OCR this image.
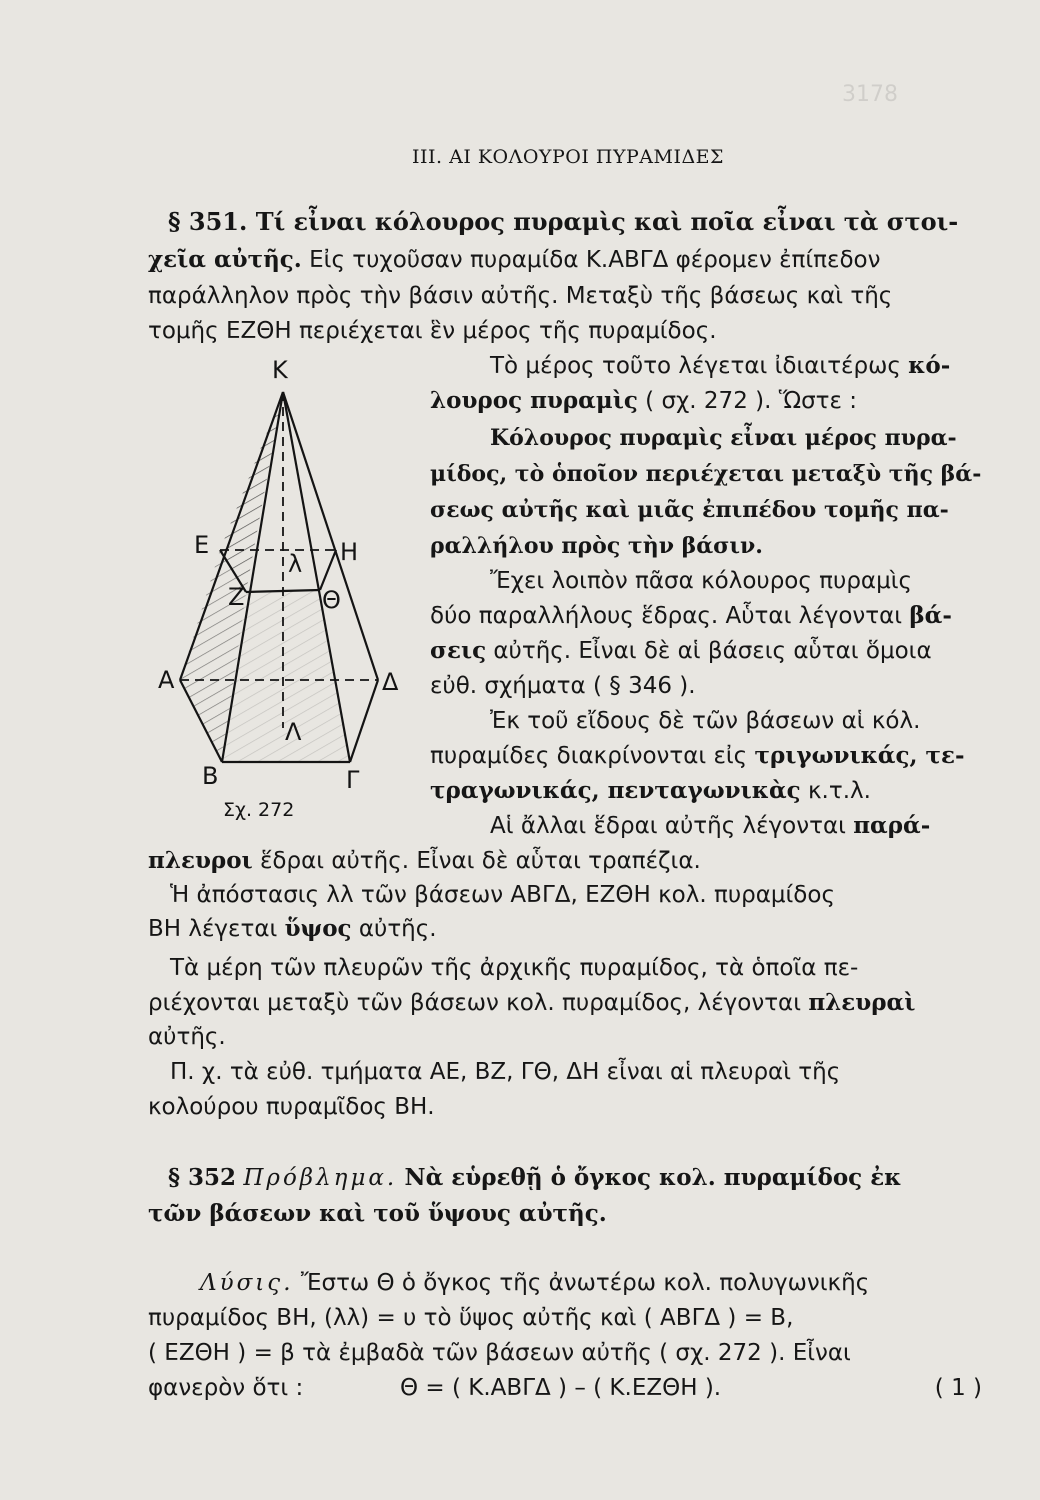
3178
III. ΑΙ ΚΟΛΟΥΡΟΙ ΠΥΡΑΜΙΔΕΣ
§ 351. Τί εἶναι κόλουρος πυραμὶς καὶ ποῖα εἶναι τὰ στοι-
χεῖα αὐτῆς. Εἰς τυχοῦσαν πυραμίδα Κ.ΑΒΓΔ φέρομεν ἐπίπεδον
παράλληλον πρὸς τὴν βάσιν αὐτῆς. Μεταξὺ τῆς βάσεως καὶ τῆς
τομῆς ΕΖΘΗ περιέχεται ἓν μέρος τῆς πυραμίδος.
Τὸ μέρος τοῦτο λέγεται ἰδιαιτέρως κό-
λουρος πυραμὶς ( σχ. 272 ). Ὥστε :
Κόλουρος πυραμὶς εἶναι μέρος πυρα-
μίδος, τὸ ὁποῖον περιέχεται μεταξὺ τῆς βά-
σεως αὐτῆς καὶ μιᾶς ἐπιπέδου τομῆς πα-
ραλλήλου πρὸς τὴν βάσιν.
Ἔχει λοιπὸν πᾶσα κόλουρος πυραμὶς
δύο παραλλήλους ἕδρας. Αὗται λέγονται βά-
σεις αὐτῆς. Εἶναι δὲ αἱ βάσεις αὗται ὅμοια
εὐθ. σχήματα ( § 346 ).
Ἐκ τοῦ εἴδους δὲ τῶν βάσεων αἱ κόλ.
πυραμίδες διακρίνονται εἰς τριγωνικάς, τε-
τραγωνικάς, πενταγωνικὰς κ.τ.λ.
Αἱ ἄλλαι ἕδραι αὐτῆς λέγονται παρά-
πλευροι ἕδραι αὐτῆς. Εἶναι δὲ αὗται τραπέζια.
Ἡ ἀπόστασις λλ τῶν βάσεων ΑΒΓΔ, ΕΖΘΗ κολ. πυραμίδος
ΒΗ λέγεται ὕψος αὐτῆς.
Τὰ μέρη τῶν πλευρῶν τῆς ἀρχικῆς πυραμίδος, τὰ ὁποῖα πε-
ριέχονται μεταξὺ τῶν βάσεων κολ. πυραμίδος, λέγονται πλευραὶ
αὐτῆς.
Π. χ. τὰ εὐθ. τμήματα ΑΕ, ΒΖ, ΓΘ, ΔΗ εἶναι αἱ πλευραὶ τῆς
κολούρου πυραμῖδος ΒΗ.
§ 352 Πρόβλημα. Νὰ εὑρεθῇ ὁ ὄγκος κολ. πυραμίδος ἐκ
τῶν βάσεων καὶ τοῦ ὕψους αὐτῆς.
Λύσις. Ἔστω Θ ὁ ὄγκος τῆς ἀνωτέρω κολ. πολυγωνικῆς
πυραμίδος ΒΗ, (λλ) = υ τὸ ὕψος αὐτῆς καὶ ( ΑΒΓΔ ) = Β,
( ΕΖΘΗ ) = β τὰ ἐμβαδὰ τῶν βάσεων αὐτῆς ( σχ. 272 ). Εἶναι
φανερὸν ὅτι :	Θ = ( Κ.ΑΒΓΔ ) – ( Κ.ΕΖΘΗ ).	( 1 )
Κ
Ε	Η
Ζ	Θ
λ
Α	Δ
Λ
Β	Γ
Σχ. 272
